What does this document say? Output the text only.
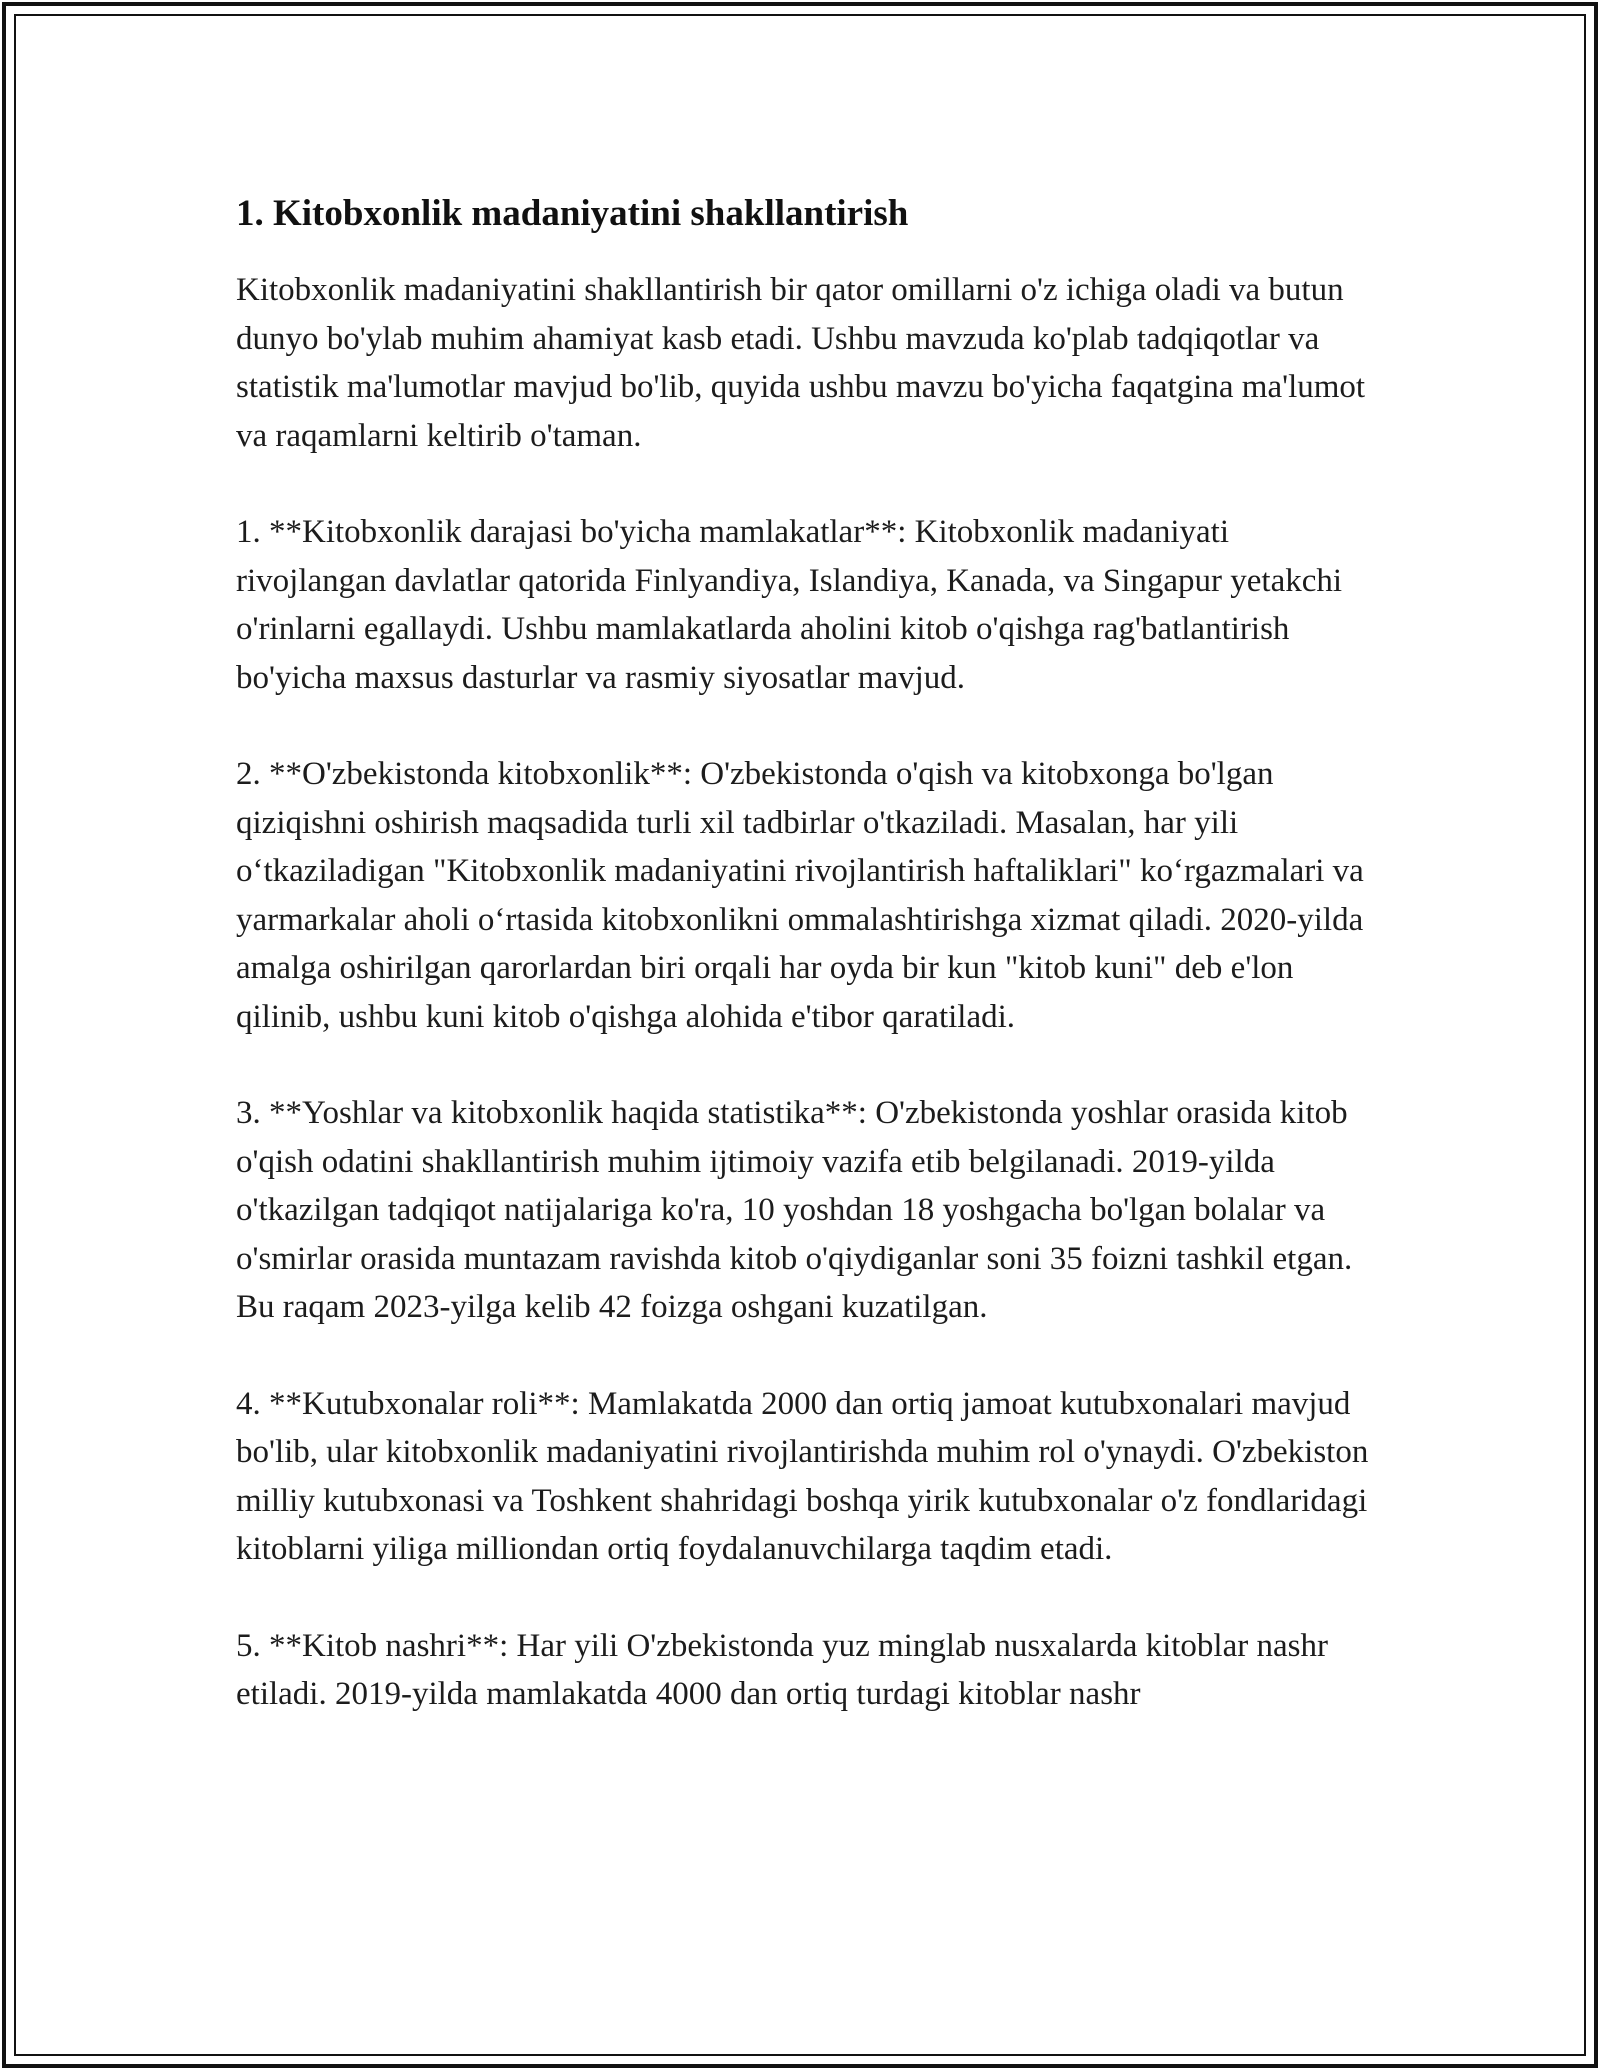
1. Kitobxonlik madaniyatini shakllantirish

Kitobxonlik madaniyatini shakllantirish bir qator omillarni o'z ichiga oladi va butun dunyo bo'ylab muhim ahamiyat kasb etadi. Ushbu mavzuda ko'plab tadqiqotlar va statistik ma'lumotlar mavjud bo'lib, quyida ushbu mavzu bo'yicha faqatgina ma'lumot va raqamlarni keltirib o'taman.

1. **Kitobxonlik darajasi bo'yicha mamlakatlar**: Kitobxonlik madaniyati rivojlangan davlatlar qatorida Finlyandiya, Islandiya, Kanada, va Singapur yetakchi o'rinlarni egallaydi. Ushbu mamlakatlarda aholini kitob o'qishga rag'batlantirish bo'yicha maxsus dasturlar va rasmiy siyosatlar mavjud.

2. **O'zbekistonda kitobxonlik**: O'zbekistonda o'qish va kitobxonga bo'lgan qiziqishni oshirish maqsadida turli xil tadbirlar o'tkaziladi. Masalan, har yili o‘tkaziladigan "Kitobxonlik madaniyatini rivojlantirish haftaliklari" ko‘rgazmalari va yarmarkalar aholi o‘rtasida kitobxonlikni ommalashtirishga xizmat qiladi. 2020-yilda amalga oshirilgan qarorlardan biri orqali har oyda bir kun "kitob kuni" deb e'lon qilinib, ushbu kuni kitob o'qishga alohida e'tibor qaratiladi.

3. **Yoshlar va kitobxonlik haqida statistika**: O'zbekistonda yoshlar orasida kitob o'qish odatini shakllantirish muhim ijtimoiy vazifa etib belgilanadi. 2019-yilda o'tkazilgan tadqiqot natijalariga ko'ra, 10 yoshdan 18 yoshgacha bo'lgan bolalar va o'smirlar orasida muntazam ravishda kitob o'qiydiganlar soni 35 foizni tashkil etgan. Bu raqam 2023-yilga kelib 42 foizga oshgani kuzatilgan.

4. **Kutubxonalar roli**: Mamlakatda 2000 dan ortiq jamoat kutubxonalari mavjud bo'lib, ular kitobxonlik madaniyatini rivojlantirishda muhim rol o'ynaydi. O'zbekiston milliy kutubxonasi va Toshkent shahridagi boshqa yirik kutubxonalar o'z fondlaridagi kitoblarni yiliga milliondan ortiq foydalanuvchilarga taqdim etadi.

5. **Kitob nashri**: Har yili O'zbekistonda yuz minglab nusxalarda kitoblar nashr etiladi. 2019-yilda mamlakatda 4000 dan ortiq turdagi kitoblar nashr
